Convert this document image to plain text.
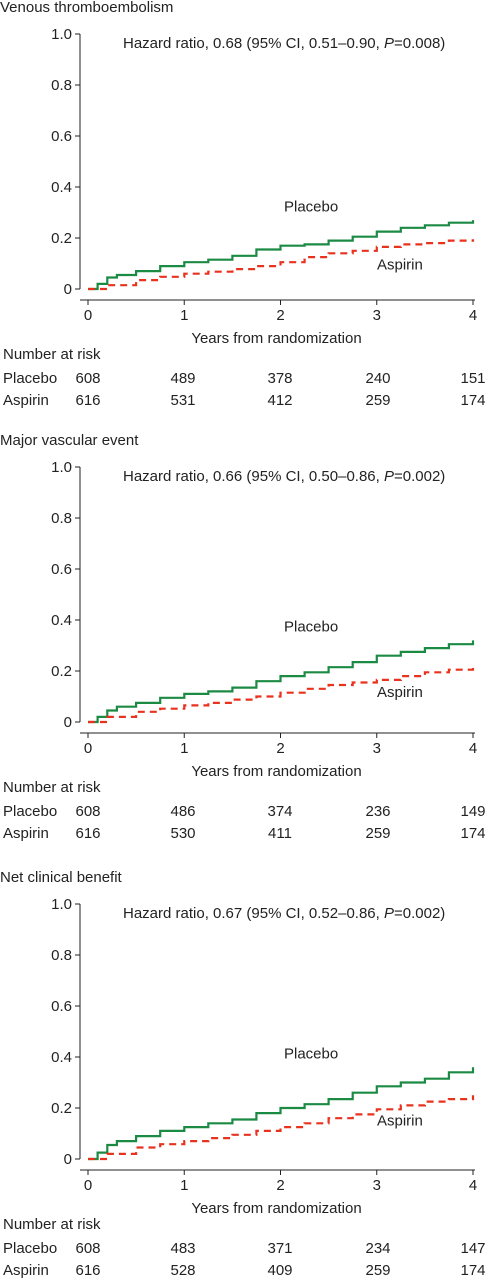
Venous thromboembolism
0
0.2
0.4
0.6
0.8
1.0
0	1	2	3	4
Years from randomization
Hazard ratio, 0.68 (95% CI, 0.51–0.90, P=0.008)
Placebo
Aspirin
Number at risk
Placebo 608	489	378	240	151
Aspirin 616	531	412	259	174
Major vascular event
0
0.2
0.4
0.6
0.8
1.0
0	1	2	3	4
Years from randomization
Hazard ratio, 0.66 (95% CI, 0.50–0.86, P=0.002)
Placebo
Aspirin
Number at risk
Placebo 608	486	374	236	149
Aspirin 616	530	411	259	174
Net clinical benefit
0
0.2
0.4
0.6
0.8
1.0
0	1	2	3	4
Years from randomization
Hazard ratio, 0.67 (95% CI, 0.52–0.86, P=0.002)
Placebo
Aspirin
Number at risk
Placebo 608	483	371	234	147
Aspirin 616	528	409	259	174
